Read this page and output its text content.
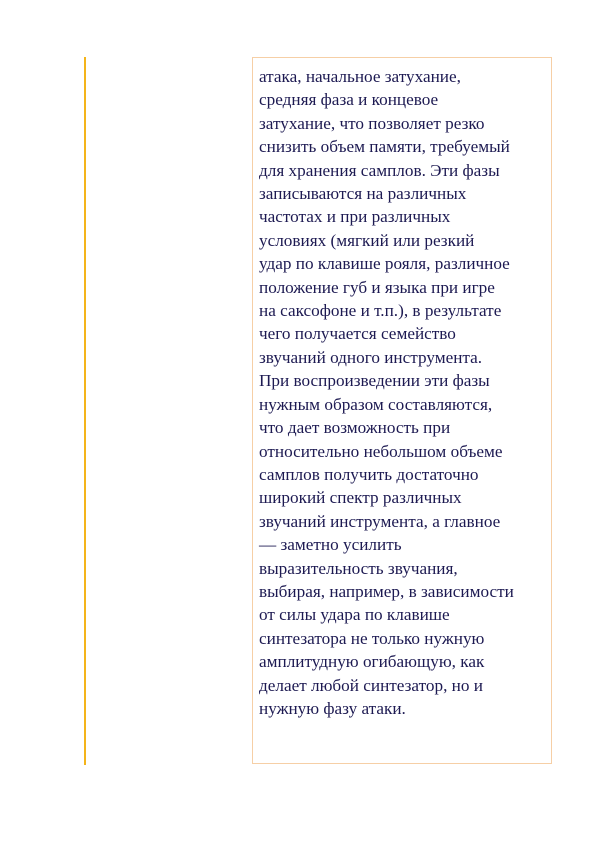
атака, начальное затухание,
средняя фаза и концевое
затухание, что позволяет резко
снизить объем памяти, требуемый
для хранения самплов. Эти фазы
записываются на различных
частотах и при различных
условиях (мягкий или резкий
удар по клавише рояля, различное
положение губ и языка при игре
на саксофоне и т.п.), в результате
чего получается семейство
звучаний одного инструмента.
При воспроизведении эти фазы
нужным образом составляются,
что дает возможность при
относительно небольшом объеме
самплов получить достаточно
широкий спектр различных
звучаний инструмента, а главное
— заметно усилить
выразительность звучания,
выбирая, например, в зависимости
от силы удара по клавише
синтезатора не только нужную
амплитудную огибающую, как
делает любой синтезатор, но и
нужную фазу атаки.
